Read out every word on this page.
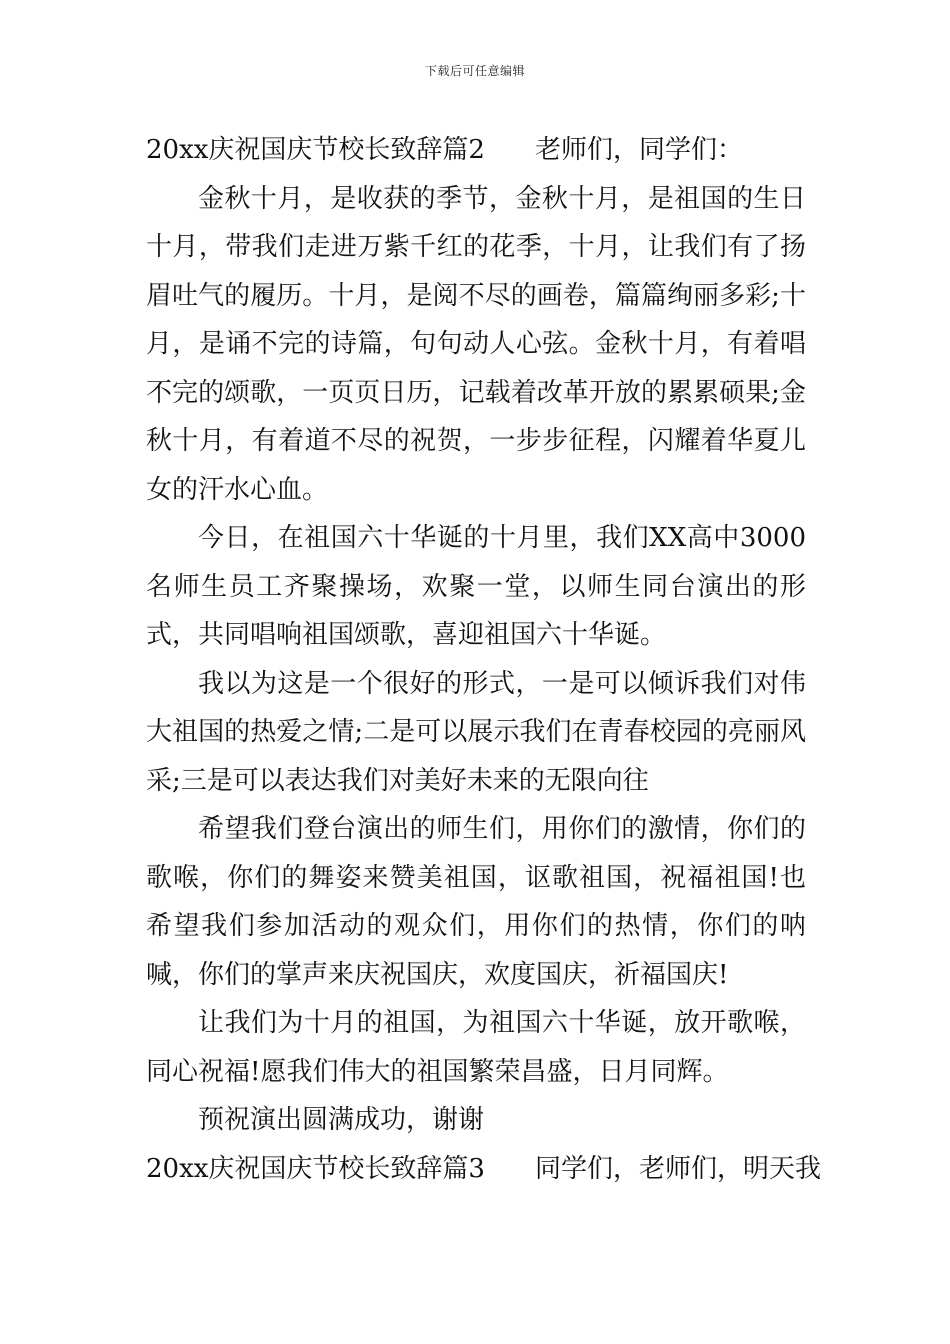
下载后可任意编辑

20xx庆祝国庆节校长致辞篇2 老师们，同学们：

金秋十月，是收获的季节，金秋十月，是祖国的生日十月，带我们走进万紫千红的花季，十月，让我们有了扬眉吐气的履历。十月，是阅不尽的画卷，篇篇绚丽多彩;十月，是诵不完的诗篇，句句动人心弦。金秋十月，有着唱不完的颂歌，一页页日历，记载着改革开放的累累硕果;金秋十月，有着道不尽的祝贺，一步步征程，闪耀着华夏儿女的汗水心血。

今日，在祖国六十华诞的十月里，我们XX高中3000名师生员工齐聚操场，欢聚一堂，以师生同台演出的形式，共同唱响祖国颂歌，喜迎祖国六十华诞。

我以为这是一个很好的形式，一是可以倾诉我们对伟大祖国的热爱之情;二是可以展示我们在青春校园的亮丽风采;三是可以表达我们对美好未来的无限向往

希望我们登台演出的师生们，用你们的激情，你们的歌喉，你们的舞姿来赞美祖国，讴歌祖国，祝福祖国!也希望我们参加活动的观众们，用你们的热情，你们的呐喊，你们的掌声来庆祝国庆，欢度国庆，祈福国庆!

让我们为十月的祖国，为祖国六十华诞，放开歌喉，同心祝福!愿我们伟大的祖国繁荣昌盛，日月同辉。

预祝演出圆满成功，谢谢

20xx庆祝国庆节校长致辞篇3 同学们，老师们，明天我
